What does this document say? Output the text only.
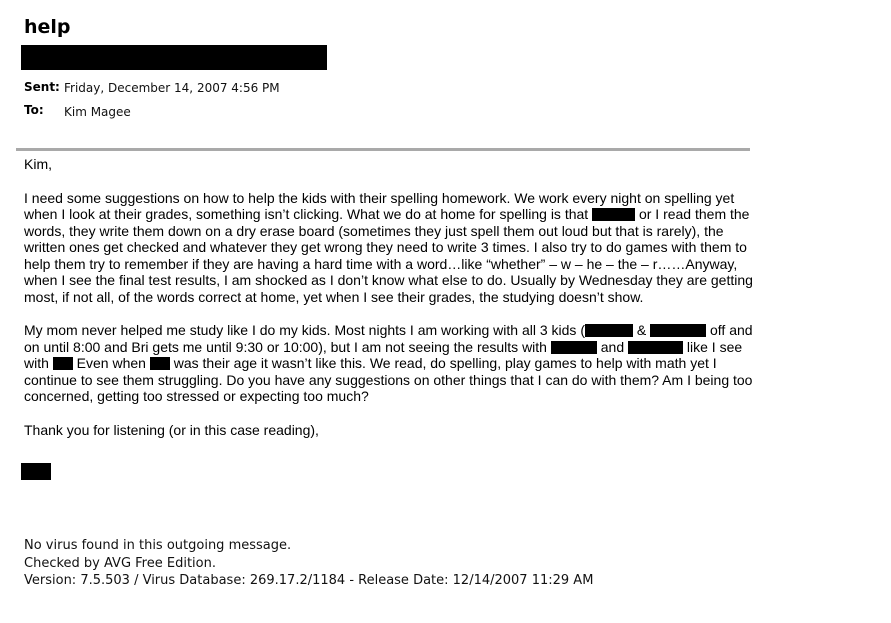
help
Sent: Friday, December 14, 2007 4:56 PM
To: Kim Magee

Kim,

I need some suggestions on how to help the kids with their spelling homework. We work every night on spelling yet when I look at their grades, something isn’t clicking. What we do at home for spelling is that	or I read them the words, they write them down on a dry erase board (sometimes they just spell them out loud but that is rarely), the written ones get checked and whatever they get wrong they need to write 3 times. I also try to do games with them to help them try to remember if they are having a hard time with a word…like “whether” – w – he – the – r……Anyway, when I see the final test results, I am shocked as I don’t know what else to do. Usually by Wednesday they are getting most, if not all, of the words correct at home, yet when I see their grades, the studying doesn’t show.

My mom never helped me study like I do my kids. Most nights I am working with all 3 kids (	&	off and on until 8:00 and Bri gets me until 9:30 or 10:00), but I am not seeing the results with	and	like I see with  Even when  was their age it wasn’t like this. We read, do spelling, play games to help with math yet I continue to see them struggling. Do you have any suggestions on other things that I can do with them? Am I being too concerned, getting too stressed or expecting too much?

Thank you for listening (or in this case reading),

No virus found in this outgoing message.
Checked by AVG Free Edition.
Version: 7.5.503 / Virus Database: 269.17.2/1184 - Release Date: 12/14/2007 11:29 AM
